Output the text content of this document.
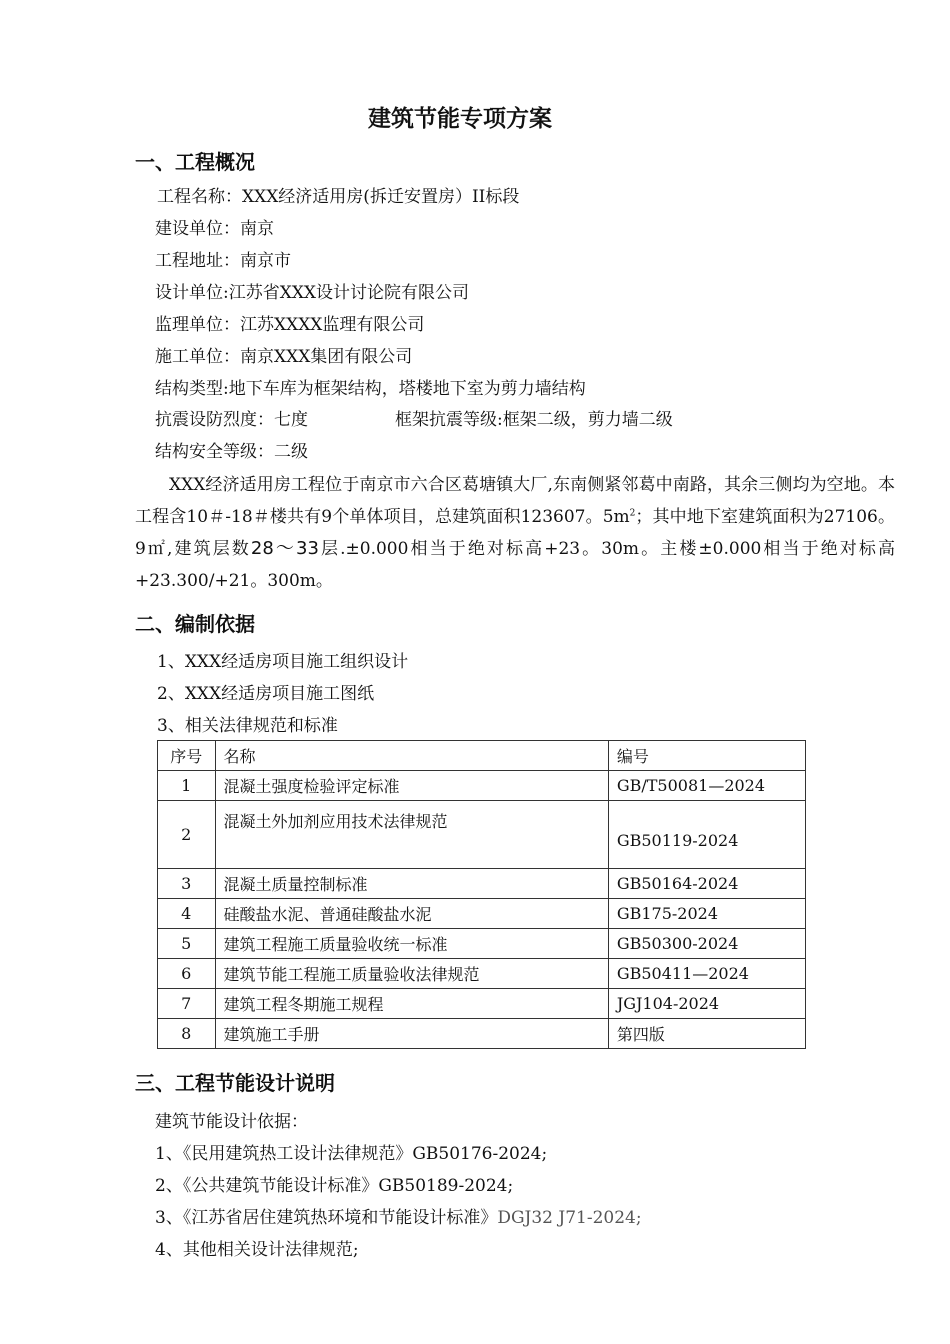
建筑节能专项方案
一、工程概况
工程名称：XXX经济适用房(拆迁安置房）II标段
建设单位：南京
工程地址：南京市
设计单位:江苏省XXX设计讨论院有限公司
监理单位：江苏XXXX监理有限公司
施工单位：南京XXX集团有限公司
结构类型:地下车库为框架结构，塔楼地下室为剪力墙结构
抗震设防烈度：七度	框架抗震等级:框架二级，剪力墙二级
结构安全等级：二级
XXX经济适用房工程位于南京市六合区葛塘镇大厂,东南侧紧邻葛中南路，其余三侧均为空地。本工程含10＃-18＃楼共有9个单体项目，总建筑面积123607。$5m^2$；其中地下室建筑面积为27106。9㎡,建筑层数28～33层.±0.000相当于绝对标高+23。30m。主楼±0.000相当于绝对标高+23.300/+21。300m。
二、编制依据
1、XXX经适房项目施工组织设计
2、XXX经适房项目施工图纸
3、相关法律规范和标准
序号	名称	编号
1	混凝土强度检验评定标准	GB/T50081—2024
2	混凝土外加剂应用技术法律规范	GB50119-2024
3	混凝土质量控制标准	GB50164-2024
4	硅酸盐水泥、普通硅酸盐水泥	GB175-2024
5	建筑工程施工质量验收统一标准	GB50300-2024
6	建筑节能工程施工质量验收法律规范	GB50411—2024
7	建筑工程冬期施工规程	JGJ104-2024
8	建筑施工手册	第四版
三、工程节能设计说明
建筑节能设计依据：
1、《民用建筑热工设计法律规范》GB50176-2024;
2、《公共建筑节能设计标准》GB50189-2024;
3、《江苏省居住建筑热环境和节能设计标准》DGJ32 J71-2024;
4、其他相关设计法律规范;
